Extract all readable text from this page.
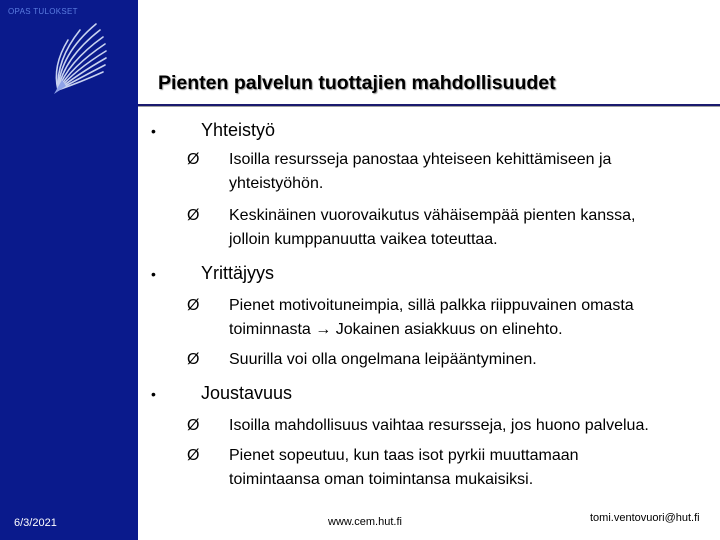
OPAS TULOKSET
Pienten palvelun tuottajien mahdollisuudet
•	Yhteistyö
Ø Isoilla resursseja panostaa yhteiseen kehittämiseen ja
yhteistyöhön.
Ø Keskinäinen vuorovaikutus vähäisempää pienten kanssa,
jolloin kumppanuutta vaikea toteuttaa.
•	Yrittäjyys
Ø Pienet motivoituneimpia, sillä palkka riippuvainen omasta
toiminnasta → Jokainen asiakkuus on elinehto.
Ø Suurilla voi olla ongelmana leipääntyminen.
•	Joustavuus
Ø Isoilla mahdollisuus vaihtaa resursseja, jos huono palvelua.
Ø Pienet sopeutuu, kun taas isot pyrkii muuttamaan
toimintaansa oman toimintansa mukaisiksi.
6/3/2021	www.cem.hut.fi	tomi.ventovuori@hut.fi
